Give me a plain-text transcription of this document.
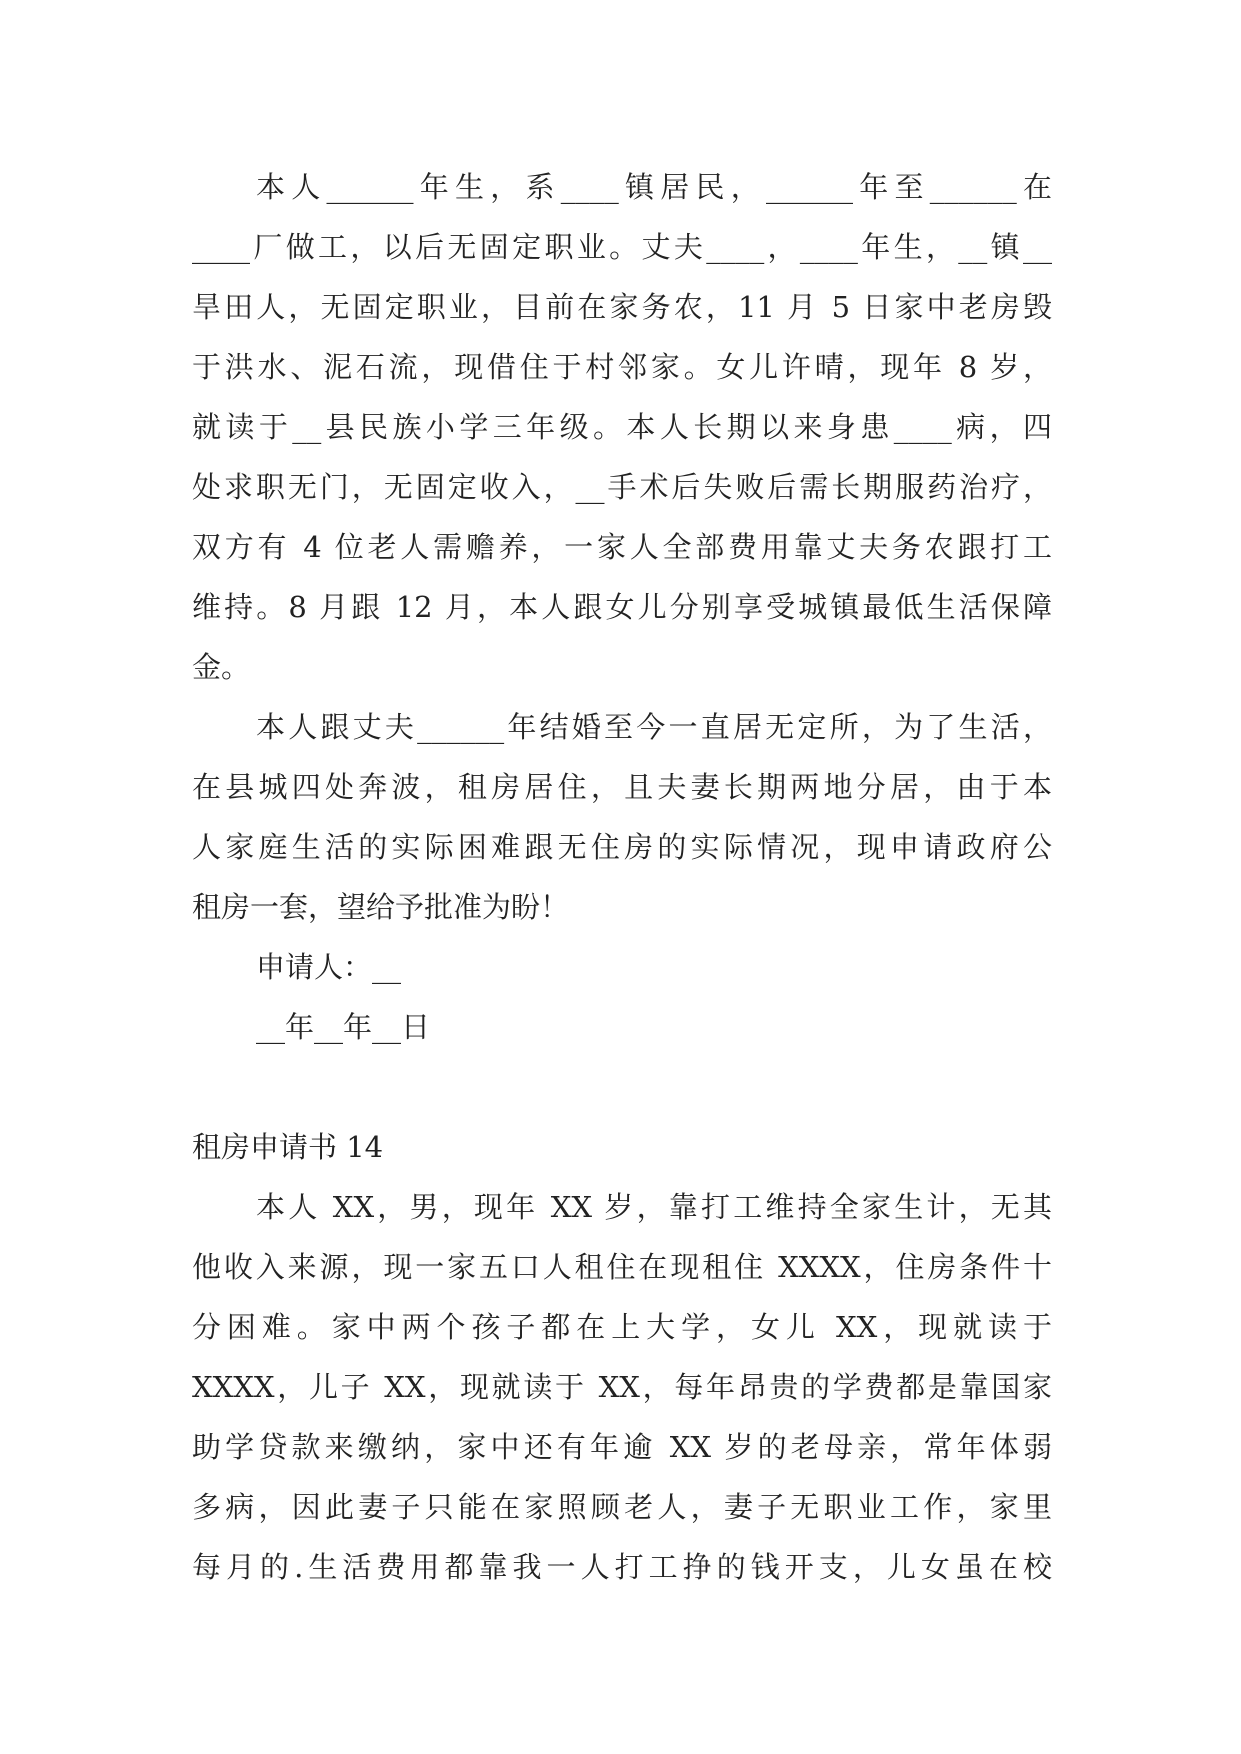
本人______年生，系____镇居民，______年至______在
____厂做工，以后无固定职业。丈夫____，____年生，__镇__
旱田人，无固定职业，目前在家务农，11 月 5 日家中老房毁
于洪水、泥石流，现借住于村邻家。女儿许晴，现年 8 岁，
就读于__县民族小学三年级。本人长期以来身患____病，四
处求职无门，无固定收入，__手术后失败后需长期服药治疗，
双方有 4 位老人需赡养，一家人全部费用靠丈夫务农跟打工
维持。8 月跟 12 月，本人跟女儿分别享受城镇最低生活保障
金。
本人跟丈夫______年结婚至今一直居无定所，为了生活，
在县城四处奔波，租房居住，且夫妻长期两地分居，由于本
人家庭生活的实际困难跟无住房的实际情况，现申请政府公
租房一套，望给予批准为盼！
申请人：__
__年__年__日
租房申请书 14
本人 XX，男，现年 XX 岁，靠打工维持全家生计，无其
他收入来源，现一家五口人租住在现租住 XXXX，住房条件十
分困难。家中两个孩子都在上大学，女儿 XX，现就读于
XXXX，儿子 XX，现就读于 XX，每年昂贵的学费都是靠国家
助学贷款来缴纳，家中还有年逾 XX 岁的老母亲，常年体弱
多病，因此妻子只能在家照顾老人，妻子无职业工作，家里
每月的.生活费用都靠我一人打工挣的钱开支，儿女虽在校
